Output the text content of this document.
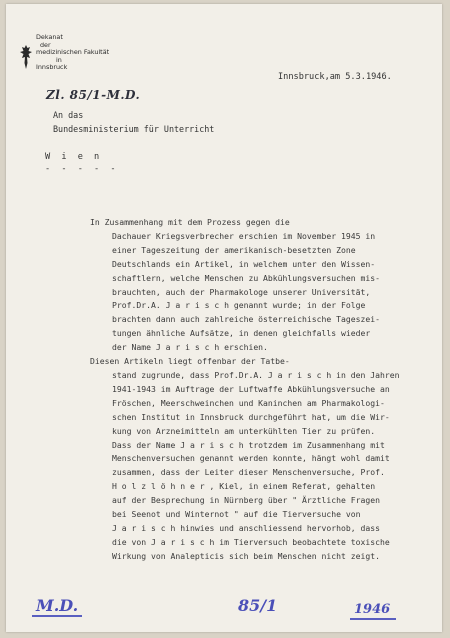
Dekanat
der
medizinischen Fakultät
in
Innsbruck
Zl. 85/1-M.D.
Innsbruck,am 5.3.1946.
An das
Bundesministerium für Unterricht
W i e n
- - - - -
In Zusammenhang mit dem Prozess gegen die
Dachauer Kriegsverbrecher erschien im November 1945 in
einer Tageszeitung der amerikanisch-besetzten Zone
Deutschlands ein Artikel, in welchem unter den Wissen-
schaftlern, welche Menschen zu Abkühlungsversuchen mis-
brauchten, auch der Pharmakologe unserer Universität,
Prof.Dr.A. J a r i s c h genannt wurde; in der Folge
brachten dann auch zahlreiche österreichische Tageszei-
tungen ähnliche Aufsätze, in denen gleichfalls wieder
der Name J a r i s c h erschien.
Diesen Artikeln liegt offenbar der Tatbe-
stand zugrunde, dass Prof.Dr.A. J a r i s c h in den Jahren
1941-1943 im Auftrage der Luftwaffe Abkühlungsversuche an
Fröschen, Meerschweinchen und Kaninchen am Pharmakologi-
schen Institut in Innsbruck durchgeführt hat, um die Wir-
kung von Arzneimitteln am unterkühlten Tier zu prüfen.
Dass der Name J a r i s c h trotzdem im Zusammenhang mit
Menschenversuchen genannt werden konnte, hängt wohl damit
zusammen, dass der Leiter dieser Menschenversuche, Prof.
H o l z l ö h n e r , Kiel, in einem Referat, gehalten
auf der Besprechung in Nürnberg über " Ärztliche Fragen
bei Seenot und Winternot " auf die Tierversuche von
J a r i s c h hinwies und anschliessend hervorhob, dass
die von J a r i s c h im Tierversuch beobachtete toxische
Wirkung von Analepticis sich beim Menschen nicht zeigt.
M.D.	85/1	1946
